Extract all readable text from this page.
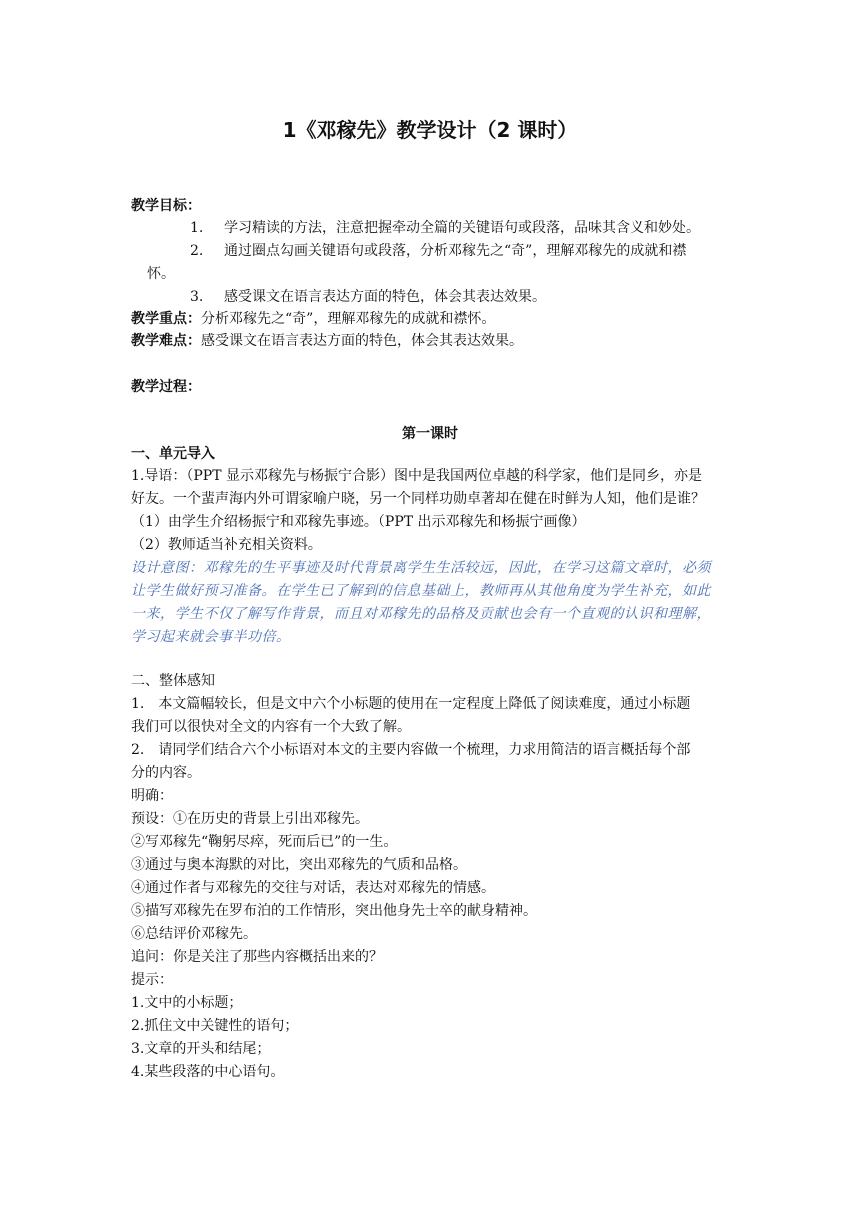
1《邓稼先》教学设计（2 课时）
教学目标：
1. 学习精读的方法，注意把握牵动全篇的关键语句或段落，品味其含义和妙处。
2. 通过圈点勾画关键语句或段落，分析邓稼先之“奇”，理解邓稼先的成就和襟
怀。
3. 感受课文在语言表达方面的特色，体会其表达效果。
教学重点：分析邓稼先之“奇”，理解邓稼先的成就和襟怀。
教学难点：感受课文在语言表达方面的特色，体会其表达效果。
教学过程：
第一课时
一、单元导入
1.导语：（PPT 显示邓稼先与杨振宁合影）图中是我国两位卓越的科学家，他们是同乡，亦是
好友。一个蜚声海内外可谓家喻户晓，另一个同样功勋卓著却在健在时鲜为人知，他们是谁？
（1）由学生介绍杨振宁和邓稼先事迹。（PPT 出示邓稼先和杨振宁画像）
（2）教师适当补充相关资料。
设计意图：邓稼先的生平事迹及时代背景离学生生活较远，因此，在学习这篇文章时，必须
让学生做好预习准备。在学生已了解到的信息基础上，教师再从其他角度为学生补充，如此
一来，学生不仅了解写作背景，而且对邓稼先的品格及贡献也会有一个直观的认识和理解，
学习起来就会事半功倍。
二、整体感知
1.　本文篇幅较长，但是文中六个小标题的使用在一定程度上降低了阅读难度，通过小标题
我们可以很快对全文的内容有一个大致了解。
2.　请同学们结合六个小标语对本文的主要内容做一个梳理，力求用简洁的语言概括每个部
分的内容。
明确：
预设：①在历史的背景上引出邓稼先。
②写邓稼先“鞠躬尽瘁，死而后已”的一生。
③通过与奥本海默的对比，突出邓稼先的气质和品格。
④通过作者与邓稼先的交往与对话，表达对邓稼先的情感。
⑤描写邓稼先在罗布泊的工作情形，突出他身先士卒的献身精神。
⑥总结评价邓稼先。
追问：你是关注了那些内容概括出来的？
提示：
1.文中的小标题；
2.抓住文中关键性的语句；
3.文章的开头和结尾；
4.某些段落的中心语句。
